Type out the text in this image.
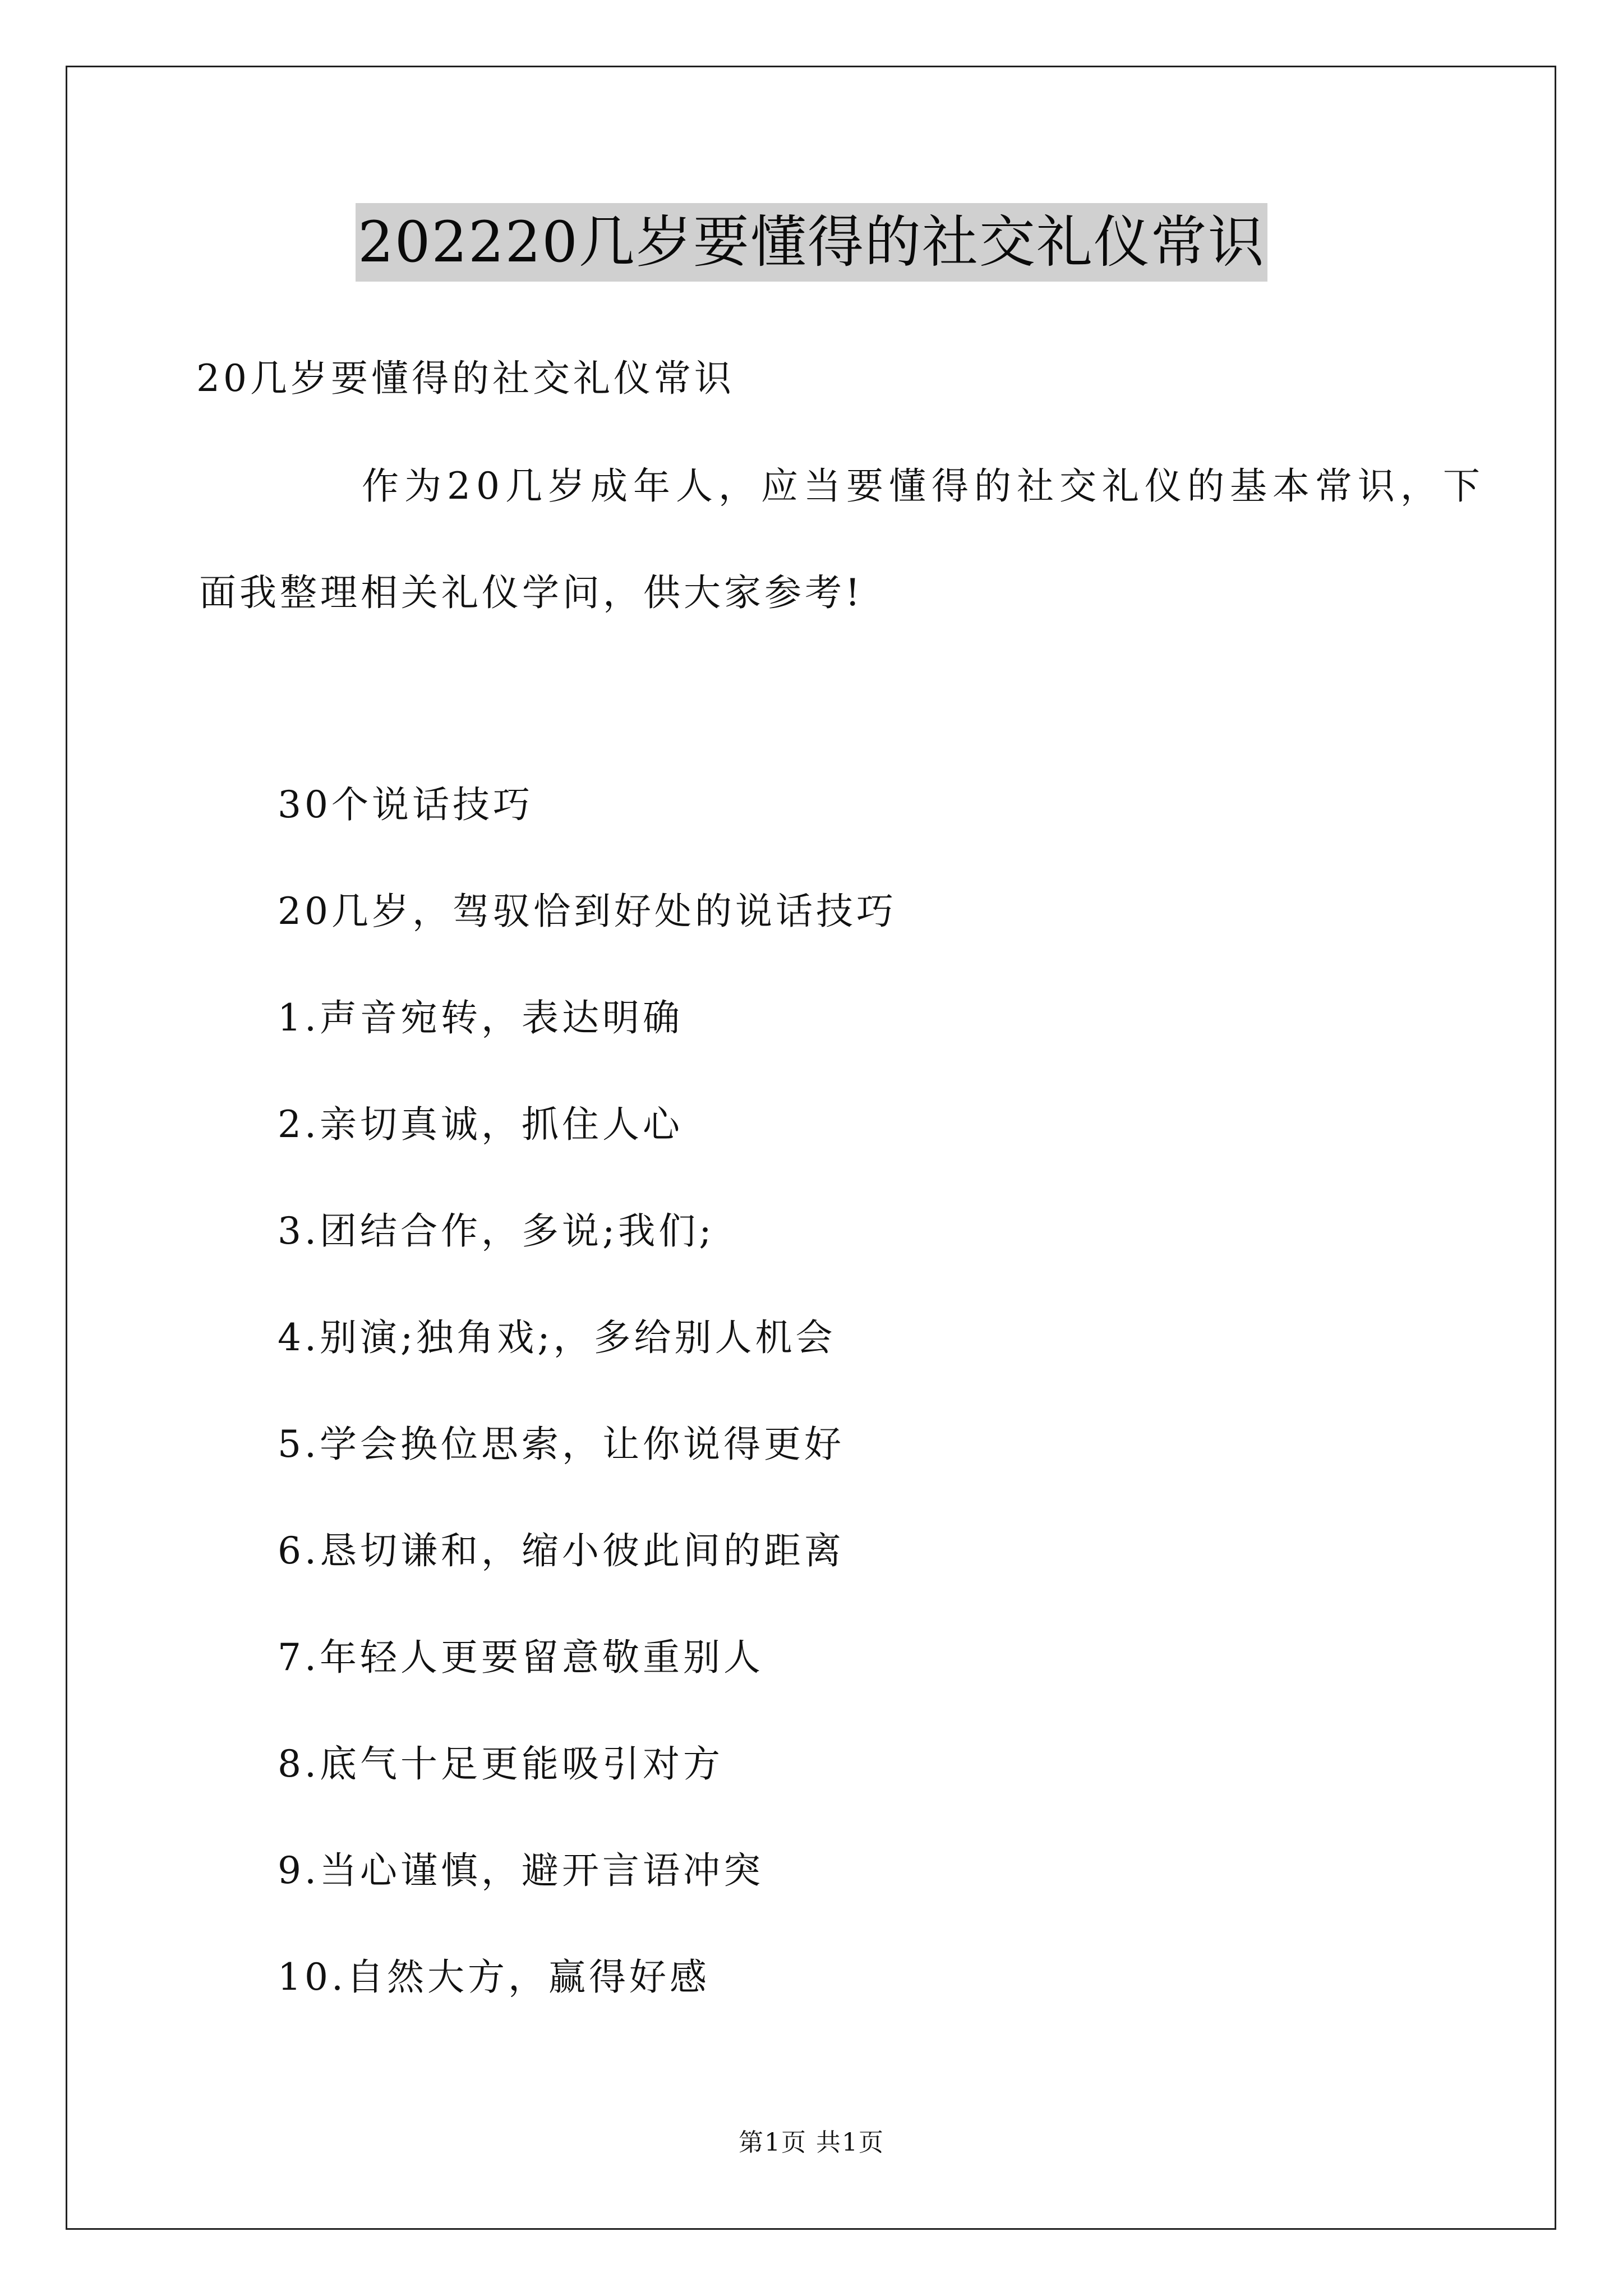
202220几岁要懂得的社交礼仪常识
20几岁要懂得的社交礼仪常识
作为20几岁成年人，应当要懂得的社交礼仪的基本常识，下
面我整理相关礼仪学问，供大家参考!
30个说话技巧
20几岁，驾驭恰到好处的说话技巧
1.声音宛转，表达明确
2.亲切真诚，抓住人心
3.团结合作，多说;我们;
4.别演;独角戏;，多给别人机会
5.学会换位思索，让你说得更好
6.恳切谦和，缩小彼此间的距离
7.年轻人更要留意敬重别人
8.底气十足更能吸引对方
9.当心谨慎，避开言语冲突
10.自然大方，赢得好感
第1页 共1页
